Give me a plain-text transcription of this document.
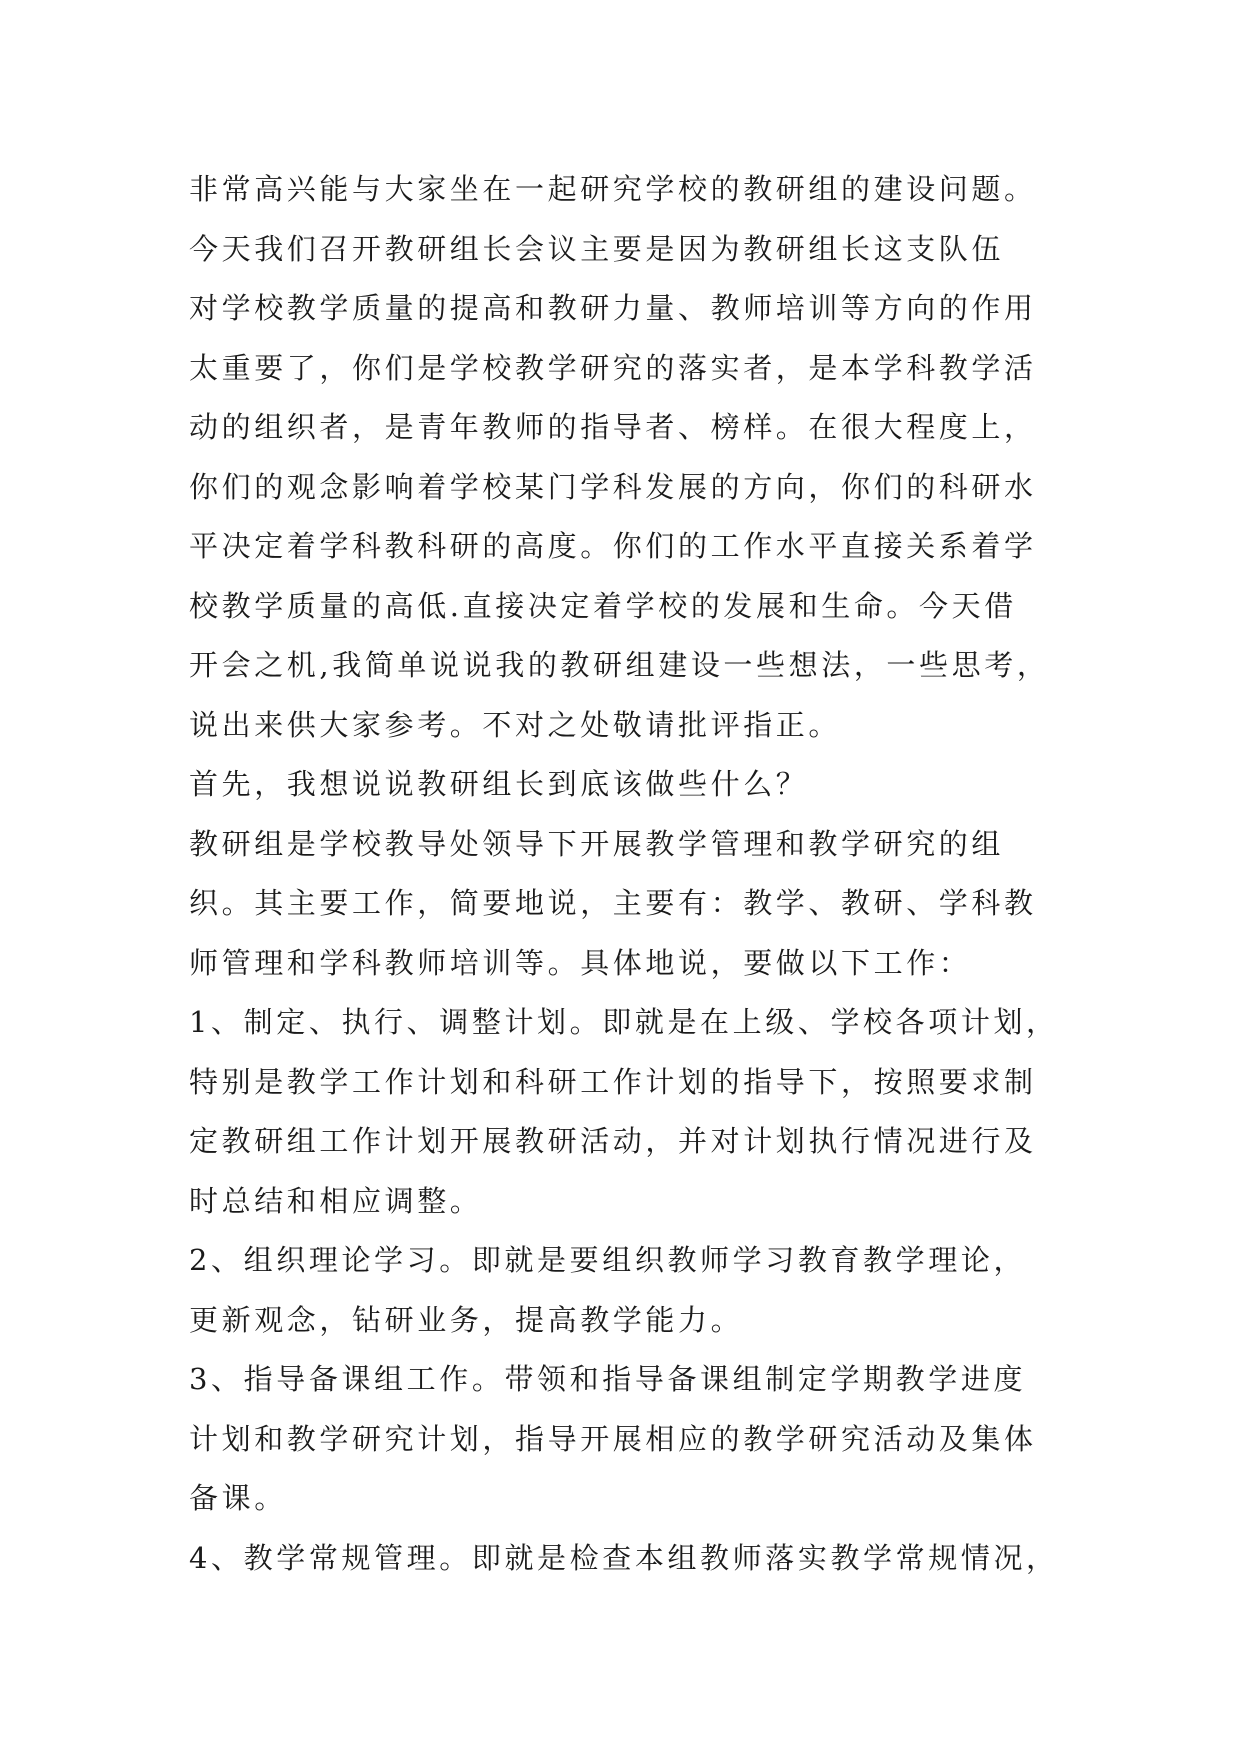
非常高兴能与大家坐在一起研究学校的教研组的建设问题。
今天我们召开教研组长会议主要是因为教研组长这支队伍
对学校教学质量的提高和教研力量、教师培训等方向的作用
太重要了，你们是学校教学研究的落实者，是本学科教学活
动的组织者，是青年教师的指导者、榜样。在很大程度上，
你们的观念影响着学校某门学科发展的方向，你们的科研水
平决定着学科教科研的高度。你们的工作水平直接关系着学
校教学质量的高低.直接决定着学校的发展和生命。今天借
开会之机,我简单说说我的教研组建设一些想法，一些思考，
说出来供大家参考。不对之处敬请批评指正。
首先，我想说说教研组长到底该做些什么？
教研组是学校教导处领导下开展教学管理和教学研究的组
织。其主要工作，简要地说，主要有：教学、教研、学科教
师管理和学科教师培训等。具体地说，要做以下工作：
1、制定、执行、调整计划。即就是在上级、学校各项计划，
特别是教学工作计划和科研工作计划的指导下，按照要求制
定教研组工作计划开展教研活动，并对计划执行情况进行及
时总结和相应调整。
2、组织理论学习。即就是要组织教师学习教育教学理论，
更新观念，钻研业务，提高教学能力。
3、指导备课组工作。带领和指导备课组制定学期教学进度
计划和教学研究计划，指导开展相应的教学研究活动及集体
备课。
4、教学常规管理。即就是检查本组教师落实教学常规情况，
